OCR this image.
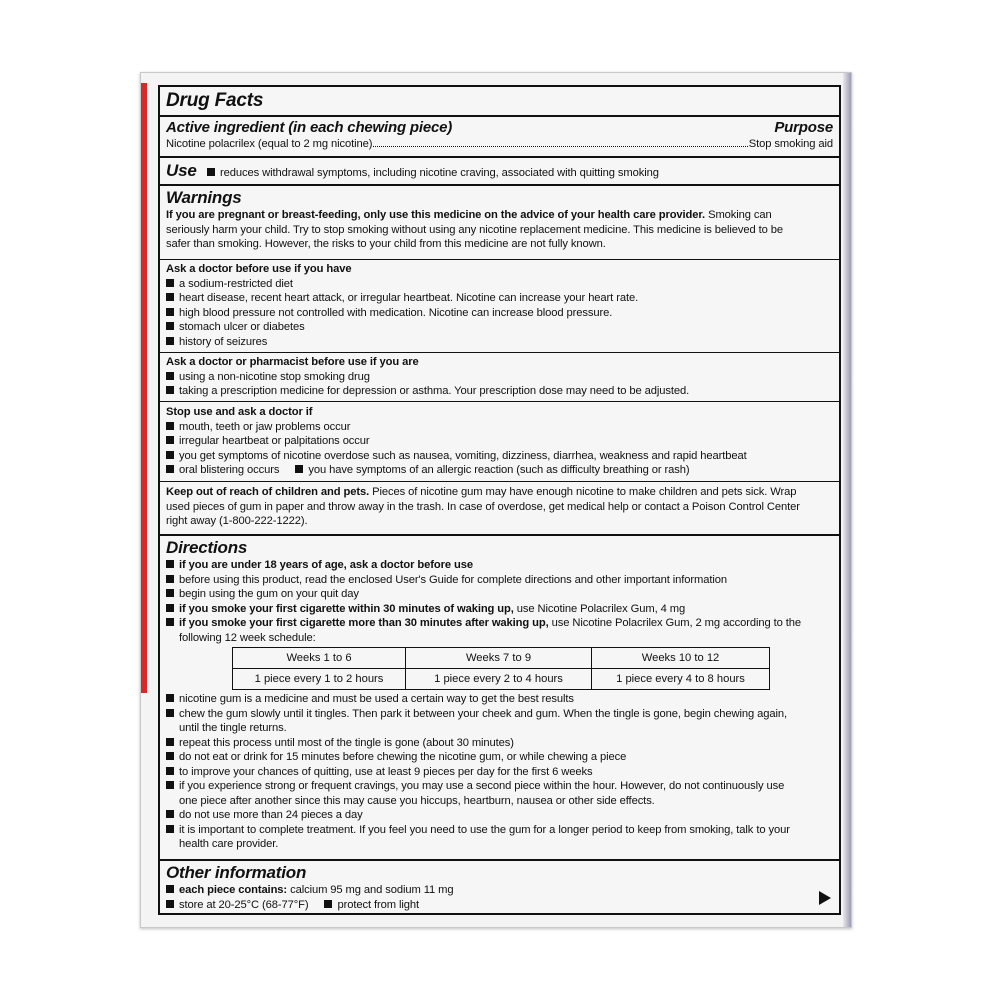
Drug Facts
Active ingredient (in each chewing piece)	Purpose
Nicotine polacrilex (equal to 2 mg nicotine)	Stop smoking aid
Use reduces withdrawal symptoms, including nicotine craving, associated with quitting smoking
Warnings
If you are pregnant or breast-feeding, only use this medicine on the advice of your health care provider. Smoking can
seriously harm your child. Try to stop smoking without using any nicotine replacement medicine. This medicine is believed to be
safer than smoking. However, the risks to your child from this medicine are not fully known.
Ask a doctor before use if you have
a sodium-restricted diet
heart disease, recent heart attack, or irregular heartbeat. Nicotine can increase your heart rate.
high blood pressure not controlled with medication. Nicotine can increase blood pressure.
stomach ulcer or diabetes
history of seizures
Ask a doctor or pharmacist before use if you are
using a non-nicotine stop smoking drug
taking a prescription medicine for depression or asthma. Your prescription dose may need to be adjusted.
Stop use and ask a doctor if
mouth, teeth or jaw problems occur
irregular heartbeat or palpitations occur
you get symptoms of nicotine overdose such as nausea, vomiting, dizziness, diarrhea, weakness and rapid heartbeat
oral blistering occurs	you have symptoms of an allergic reaction (such as difficulty breathing or rash)
Keep out of reach of children and pets. Pieces of nicotine gum may have enough nicotine to make children and pets sick. Wrap
used pieces of gum in paper and throw away in the trash. In case of overdose, get medical help or contact a Poison Control Center
right away (1-800-222-1222).
Directions
if you are under 18 years of age, ask a doctor before use
before using this product, read the enclosed User's Guide for complete directions and other important information
begin using the gum on your quit day
if you smoke your first cigarette within 30 minutes of waking up, use Nicotine Polacrilex Gum, 4 mg
if you smoke your first cigarette more than 30 minutes after waking up, use Nicotine Polacrilex Gum, 2 mg according to the
following 12 week schedule:
Weeks 1 to 6	Weeks 7 to 9	Weeks 10 to 12
1 piece every 1 to 2 hours	1 piece every 2 to 4 hours	1 piece every 4 to 8 hours
nicotine gum is a medicine and must be used a certain way to get the best results
chew the gum slowly until it tingles. Then park it between your cheek and gum. When the tingle is gone, begin chewing again,
until the tingle returns.
repeat this process until most of the tingle is gone (about 30 minutes)
do not eat or drink for 15 minutes before chewing the nicotine gum, or while chewing a piece
to improve your chances of quitting, use at least 9 pieces per day for the first 6 weeks
if you experience strong or frequent cravings, you may use a second piece within the hour. However, do not continuously use
one piece after another since this may cause you hiccups, heartburn, nausea or other side effects.
do not use more than 24 pieces a day
it is important to complete treatment. If you feel you need to use the gum for a longer period to keep from smoking, talk to your
health care provider.
Other information
each piece contains: calcium 95 mg and sodium 11 mg
store at 20-25°C (68-77°F)	protect from light
